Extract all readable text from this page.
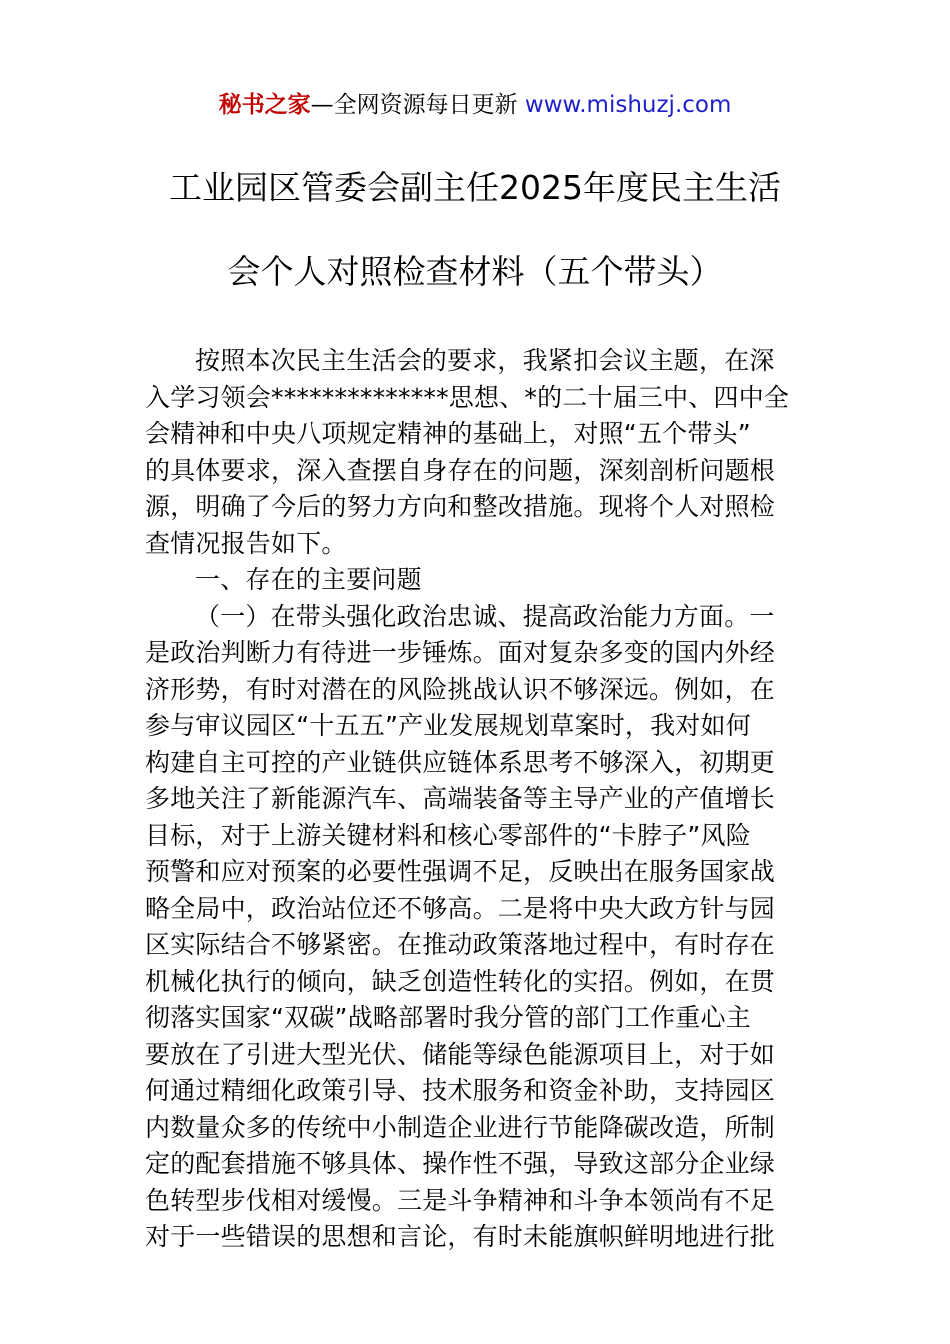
秘书之家—全网资源每日更新 www.mishuzj.com
工业园区管委会副主任2025年度民主生活
会个人对照检查材料（五个带头）
按照本次民主生活会的要求，我紧扣会议主题，在深
入学习领会**************思想、*的二十届三中、四中全
会精神和中央八项规定精神的基础上，对照“五个带头”
的具体要求，深入查摆自身存在的问题，深刻剖析问题根
源，明确了今后的努力方向和整改措施。现将个人对照检
查情况报告如下。
一、存在的主要问题
（一）在带头强化政治忠诚、提高政治能力方面。一
是政治判断力有待进一步锤炼。面对复杂多变的国内外经
济形势，有时对潜在的风险挑战认识不够深远。例如，在
参与审议园区“十五五”产业发展规划草案时，我对如何
构建自主可控的产业链供应链体系思考不够深入，初期更
多地关注了新能源汽车、高端装备等主导产业的产值增长
目标，对于上游关键材料和核心零部件的“卡脖子”风险
预警和应对预案的必要性强调不足，反映出在服务国家战
略全局中，政治站位还不够高。二是将中央大政方针与园
区实际结合不够紧密。在推动政策落地过程中，有时存在
机械化执行的倾向，缺乏创造性转化的实招。例如，在贯
彻落实国家“双碳”战略部署时我分管的部门工作重心主
要放在了引进大型光伏、储能等绿色能源项目上，对于如
何通过精细化政策引导、技术服务和资金补助，支持园区
内数量众多的传统中小制造企业进行节能降碳改造，所制
定的配套措施不够具体、操作性不强，导致这部分企业绿
色转型步伐相对缓慢。三是斗争精神和斗争本领尚有不足
对于一些错误的思想和言论，有时未能旗帜鲜明地进行批
